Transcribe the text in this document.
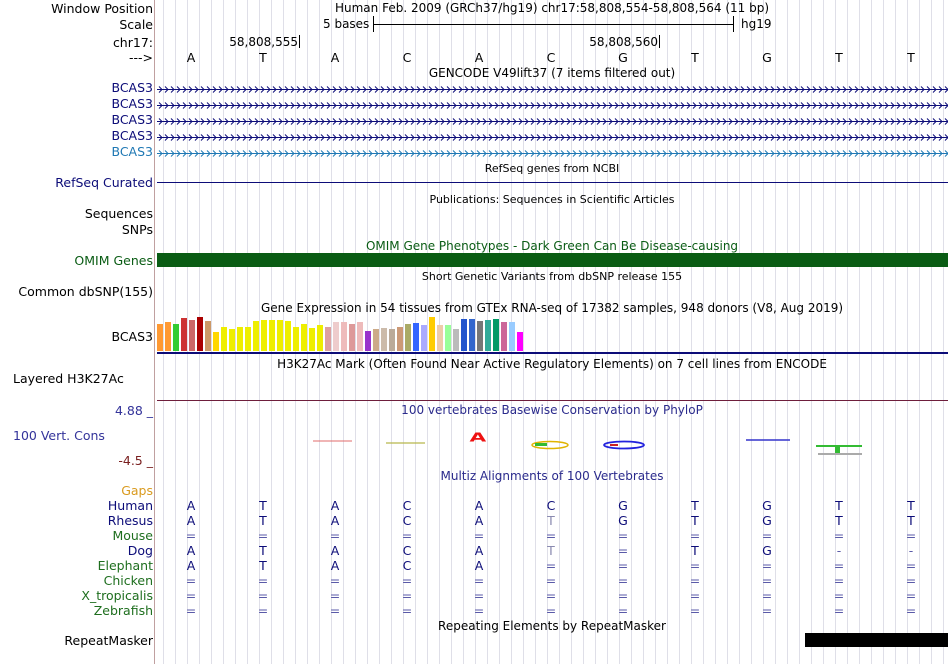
Window Position	Human Feb. 2009 (GRCh37/hg19) chr17:58,808,554-58,808,564 (11 bp)
Scale	5 bases	hg19
chr17:	58,808,555	58,808,560
--->	A	T	A	C	A	C	G	T	G	T	T
GENCODE V49lift37 (7 items filtered out)
BCAS3
BCAS3
BCAS3
BCAS3
BCAS3
RefSeq genes from NCBI
RefSeq Curated
Publications: Sequences in Scientific Articles
Sequences
SNPs
OMIM Gene Phenotypes - Dark Green Can Be Disease-causing
OMIM Genes
Short Genetic Variants from dbSNP release 155
Common dbSNP(155)
Gene Expression in 54 tissues from GTEx RNA-seq of 17382 samples, 948 donors (V8, Aug 2019)
BCAS3
H3K27Ac Mark (Often Found Near Active Regulatory Elements) on 7 cell lines from ENCODE
Layered H3K27Ac
100 vertebrates Basewise Conservation by PhyloP
4.88 _
100 Vert. Cons
-4.5 _
A
Multiz Alignments of 100 Vertebrates
Gaps
Human	A	T	A	C	A	C	G	T	G	T	T
Rhesus	A	T	A	C	A	T	G	T	G	T	T
Mouse	=	=	=	=	=	=	=	=	=	=	=
Dog	A	T	A	C	A	T	=	T	G	-	-
Elephant	A	T	A	C	A	=	=	=	=	=	=
Chicken	=	=	=	=	=	=	=	=	=	=	=
X_tropicalis	=	=	=	=	=	=	=	=	=	=	=
Zebrafish	=	=	=	=	=	=	=	=	=	=	=
Repeating Elements by RepeatMasker
RepeatMasker
